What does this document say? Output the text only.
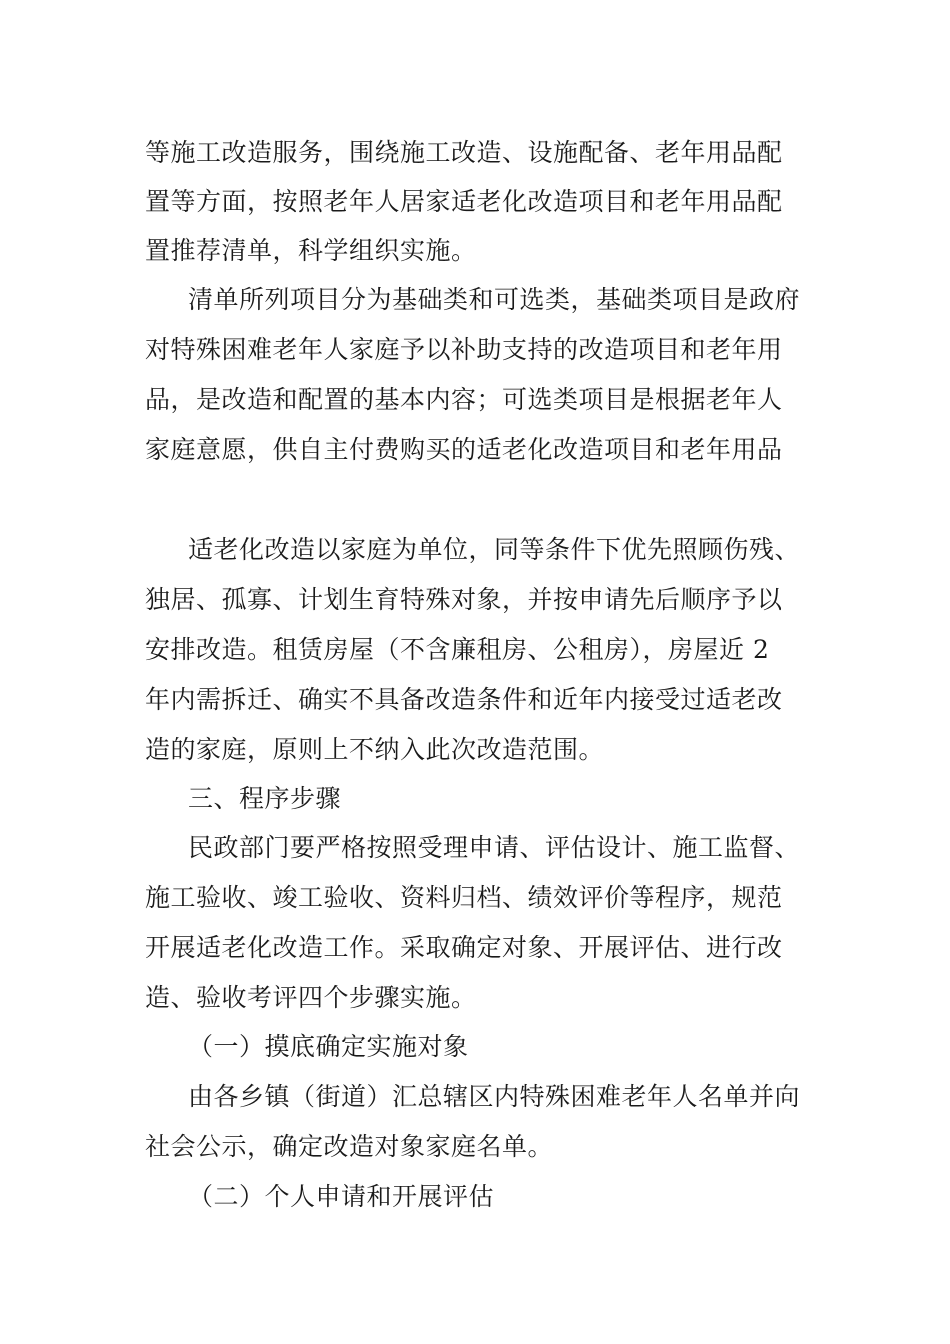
等施工改造服务，围绕施工改造、设施配备、老年用品配
置等方面，按照老年人居家适老化改造项目和老年用品配
置推荐清单，科学组织实施。
清单所列项目分为基础类和可选类，基础类项目是政府
对特殊困难老年人家庭予以补助支持的改造项目和老年用
品，是改造和配置的基本内容；可选类项目是根据老年人
家庭意愿，供自主付费购买的适老化改造项目和老年用品
适老化改造以家庭为单位，同等条件下优先照顾伤残、
独居、孤寡、计划生育特殊对象，并按申请先后顺序予以
安排改造。租赁房屋（不含廉租房、公租房），房屋近 2
年内需拆迁、确实不具备改造条件和近年内接受过适老改
造的家庭，原则上不纳入此次改造范围。
三、程序步骤
民政部门要严格按照受理申请、评估设计、施工监督、
施工验收、竣工验收、资料归档、绩效评价等程序，规范
开展适老化改造工作。采取确定对象、开展评估、进行改
造、验收考评四个步骤实施。
（一）摸底确定实施对象
由各乡镇（街道）汇总辖区内特殊困难老年人名单并向
社会公示，确定改造对象家庭名单。
（二）个人申请和开展评估
